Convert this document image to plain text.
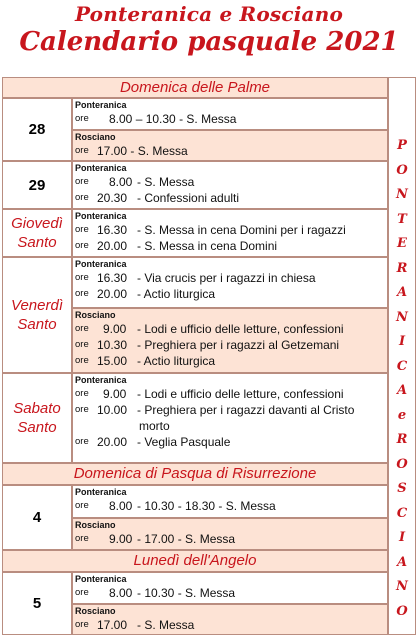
Ponteranica e Rosciano
Calendario pasquale 2021
Domenica delle Palme
28
Ponteranica
ore	8.00 – 10.30 - S. Messa
Rosciano
ore 17.00 - S. Messa
29
Ponteranica
ore	8.00 - S. Messa
ore 20.30 - Confessioni adulti
Giovedì
Santo
Ponteranica
ore 16.30 - S. Messa in cena Domini per i ragazzi
ore 20.00 - S. Messa in cena Domini
Venerdì
Santo
Ponteranica
ore 16.30 - Via crucis per i ragazzi in chiesa
ore 20.00 - Actio liturgica
Rosciano
ore	9.00 - Lodi e ufficio delle letture, confessioni
ore 10.30 - Preghiera per i ragazzi al Getzemani
ore 15.00 - Actio liturgica
Sabato
Santo
Ponteranica
ore	9.00 - Lodi e ufficio delle letture, confessioni
ore 10.00 - Preghiera per i ragazzi davanti al Cristo
morto
ore 20.00 - Veglia Pasquale
Domenica di Pasqua di Risurrezione
4
Ponteranica
ore	8.00 - 10.30 - 18.30 - S. Messa
Rosciano
ore	9.00 - 17.00 - S. Messa
Lunedì dell'Angelo
5
Ponteranica
ore	8.00 - 10.30 - S. Messa
Rosciano
ore 17.00 - S. Messa
P
O
N
T
E
R
A
N
I
C
A
e
R
O
S
C
I
A
N
O
